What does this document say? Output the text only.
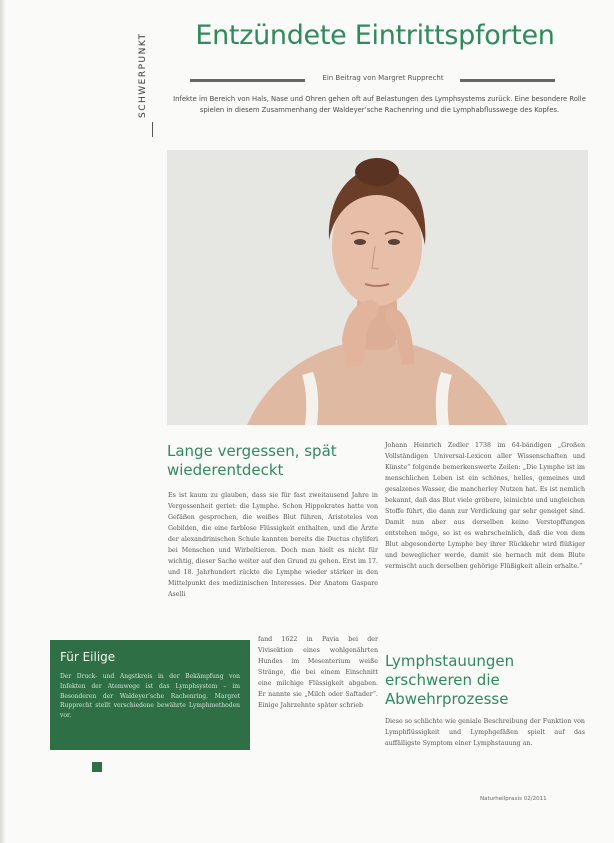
SCHWERPUNKT	Entzündete Eintrittspforten
Ein Beitrag von Margret Rupprecht
Infekte im Bereich von Hals, Nase und Ohren gehen oft auf Belastungen des Lymphsystems zurück. Eine besondere Rolle spielen in diesem Zusammenhang der Waldeyer’sche Rachenring und die Lymphabflusswege des Kopfes.
Lange vergessen, spät wiederentdeckt

Es ist kaum zu glauben, dass sie für fast zweitausend Jahre in Vergessenheit geriet: die Lymphe. Schon Hippokrates hatte von Gefäßen gesprochen, die weißes Blut führen, Aristoteles von Gebilden, die eine farblose Flüssigkeit enthalten, und die Ärzte der alexandrinischen Schule kannten bereits die Ductus chyliferi bei Menschen und Wirbeltieren. Doch man hielt es nicht für wichtig, dieser Sache weiter auf den Grund zu gehen. Erst im 17. und 18. Jahrhundert rückte die Lymphe wieder stärker in den Mittelpunkt des medizinischen Interesses. Der Anatom Gaspare Aselli

fand 1622 in Pavia bei der Vivisektion eines wohlgenährten Hundes im Mesenterium weiße Stränge, die bei einem Einschnitt eine milchige Flüssigkeit abgaben. Er nannte sie „Milch oder Saftader“. Einige Jahrzehnte später schrieb

Johann Heinrich Zedler 1738 im 64-bändigen „Großen Vollständigen Universal-Lexicon aller Wissenschaften und Künste“ folgende bemerkenswerte Zeilen: „Die Lymphe ist im menschlichen Leben ist ein schönes, helles, gemeines und gesalzenes Wasser, die mancherley Nutzen hat. Es ist nemlich bekannt, daß das Blut viele gröbere, leimichte und ungleichen Stoffe führt, die dann zur Verdickung gar sehr geneiget sind. Damit nun aber aus derselben keine Verstopffungen entstehen möge, so ist es wahrscheinlich, daß die von dem Blut abgesonderte Lymphe bey ihrer Rückkehr wird flüßiger und beweglicher werde, damit sie hernach mit dem Blute vermischt auch derselben gehörige Flüßigkeit allein erhalte.“

Lymphstauungen erschweren die Abwehrprozesse

Diese so schlichte wie geniale Beschreibung der Funktion von Lymphflüssigkeit und Lymphgefäßen spielt auf das auffälligste Symptom einer Lymphstauung an.

Für Eilige
Der Druck- und Angstkreis in der Bekämpfung von Infekten der Atemwege ist das Lymphsystem – im Besonderen der Waldeyer’sche Rachenring. Margret Rupprecht stellt verschiedene bewährte Lymphmethoden vor.
Naturheilpraxis 02/2011
